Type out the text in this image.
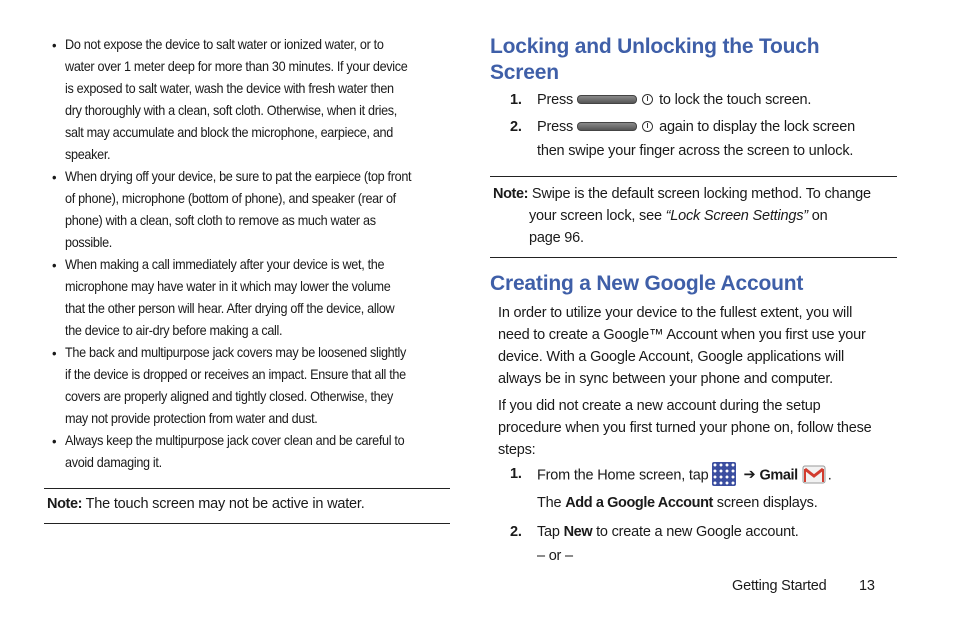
• Do not expose the device to salt water or ionized water, or to
water over 1 meter deep for more than 30 minutes. If your device
is exposed to salt water, wash the device with fresh water then
dry thoroughly with a clean, soft cloth. Otherwise, when it dries,
salt may accumulate and block the microphone, earpiece, and
speaker.
• When drying off your device, be sure to pat the earpiece (top front
of phone), microphone (bottom of phone), and speaker (rear of
phone) with a clean, soft cloth to remove as much water as
possible.
• When making a call immediately after your device is wet, the
microphone may have water in it which may lower the volume
that the other person will hear. After drying off the device, allow
the device to air-dry before making a call.
• The back and multipurpose jack covers may be loosened slightly
if the device is dropped or receives an impact. Ensure that all the
covers are properly aligned and tightly closed. Otherwise, they
may not provide protection from water and dust.
• Always keep the multipurpose jack cover clean and be careful to
avoid damaging it.
Note: The touch screen may not be active in water.
Locking and Unlocking the Touch
Screen
1. Press	to lock the touch screen.
2. Press	again to display the lock screen
then swipe your finger across the screen to unlock.
Note: Swipe is the default screen locking method. To change
your screen lock, see “Lock Screen Settings” on
page 96.
Creating a New Google Account
In order to utilize your device to the fullest extent, you will
need to create a Google™ Account when you first use your
device. With a Google Account, Google applications will
always be in sync between your phone and computer.
If you did not create a new account during the setup
procedure when you first turned your phone on, follow these
steps:
1. From the Home screen, tap ➔ Gmail .
The Add a Google Account screen displays.
2. Tap New to create a new Google account.
– or –
Getting Started 13
